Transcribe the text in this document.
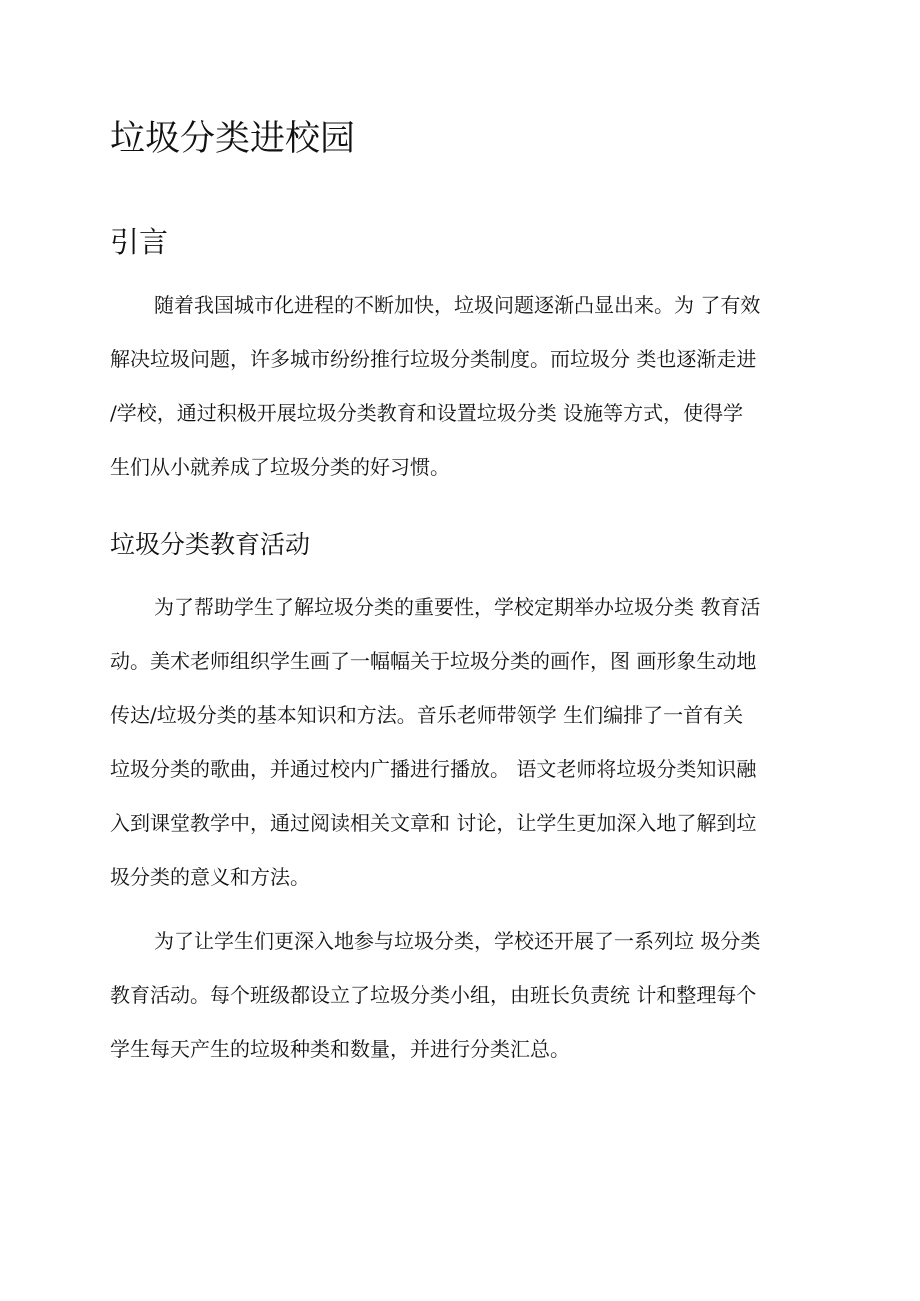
垃圾分类进校园
引言

随着我国城市化进程的不断加快，垃圾问题逐渐凸显出来。为 了有效
解决垃圾问题，许多城市纷纷推行垃圾分类制度。而垃圾分 类也逐渐走进
/学校，通过积极开展垃圾分类教育和设置垃圾分类 设施等方式，使得学
生们从小就养成了垃圾分类的好习惯。

垃圾分类教育活动

为了帮助学生了解垃圾分类的重要性，学校定期举办垃圾分类 教育活
动。美术老师组织学生画了一幅幅关于垃圾分类的画作，图 画形象生动地
传达/垃圾分类的基本知识和方法。音乐老师带领学 生们编排了一首有关
垃圾分类的歌曲，并通过校内广播进行播放。 语文老师将垃圾分类知识融
入到课堂教学中，通过阅读相关文章和 讨论，让学生更加深入地了解到垃
圾分类的意义和方法。

为了让学生们更深入地参与垃圾分类，学校还开展了一系列垃 圾分类
教育活动。每个班级都设立了垃圾分类小组，由班长负责统 计和整理每个
学生每天产生的垃圾种类和数量，并进行分类汇总。
